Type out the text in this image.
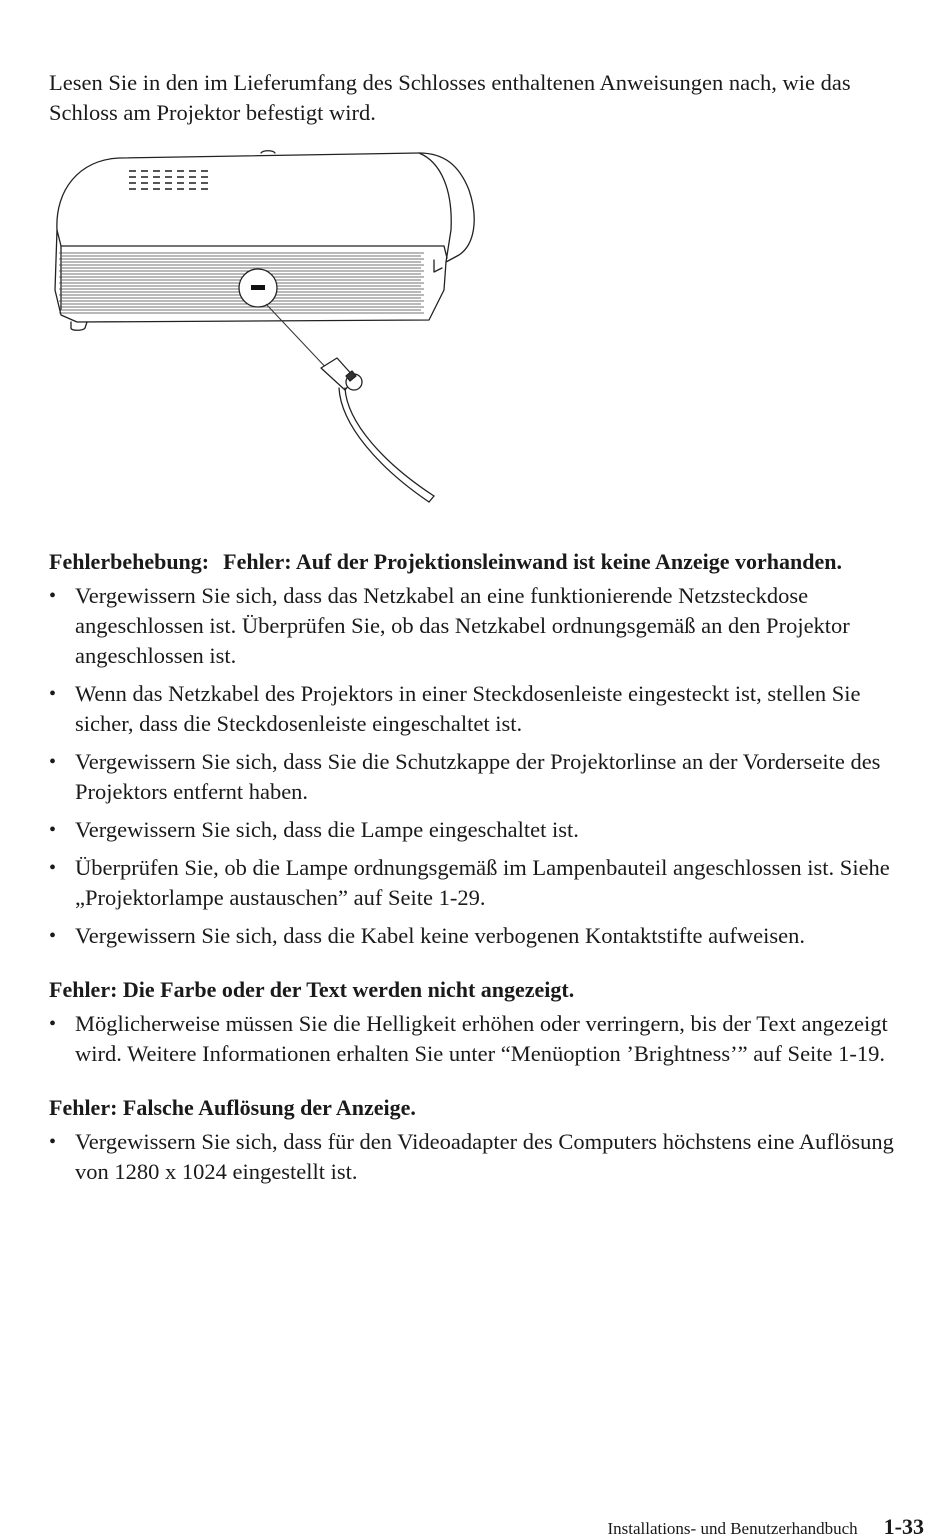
Lesen Sie in den im Lieferumfang des Schlosses enthaltenen Anweisungen nach, wie das Schloss am Projektor befestigt wird.

Fehlerbehebung: Fehler: Auf der Projektionsleinwand ist keine Anzeige vorhanden.

• Vergewissern Sie sich, dass das Netzkabel an eine funktionierende Netzsteckdose angeschlossen ist. Überprüfen Sie, ob das Netzkabel ordnungsgemäß an den Projektor angeschlossen ist.
• Wenn das Netzkabel des Projektors in einer Steckdosenleiste eingesteckt ist, stellen Sie sicher, dass die Steckdosenleiste eingeschaltet ist.
• Vergewissern Sie sich, dass Sie die Schutzkappe der Projektorlinse an der Vorderseite des Projektors entfernt haben.
• Vergewissern Sie sich, dass die Lampe eingeschaltet ist.
• Überprüfen Sie, ob die Lampe ordnungsgemäß im Lampenbauteil angeschlossen ist. Siehe „Projektorlampe austauschen” auf Seite 1-29.
• Vergewissern Sie sich, dass die Kabel keine verbogenen Kontaktstifte aufweisen.

Fehler: Die Farbe oder der Text werden nicht angezeigt.

• Möglicherweise müssen Sie die Helligkeit erhöhen oder verringern, bis der Text angezeigt wird. Weitere Informationen erhalten Sie unter “Menüoption ’Brightness’” auf Seite 1-19.

Fehler: Falsche Auflösung der Anzeige.

• Vergewissern Sie sich, dass für den Videoadapter des Computers höchstens eine Auflösung von 1280 x 1024 eingestellt ist.
Installations- und Benutzerhandbuch 1-33
